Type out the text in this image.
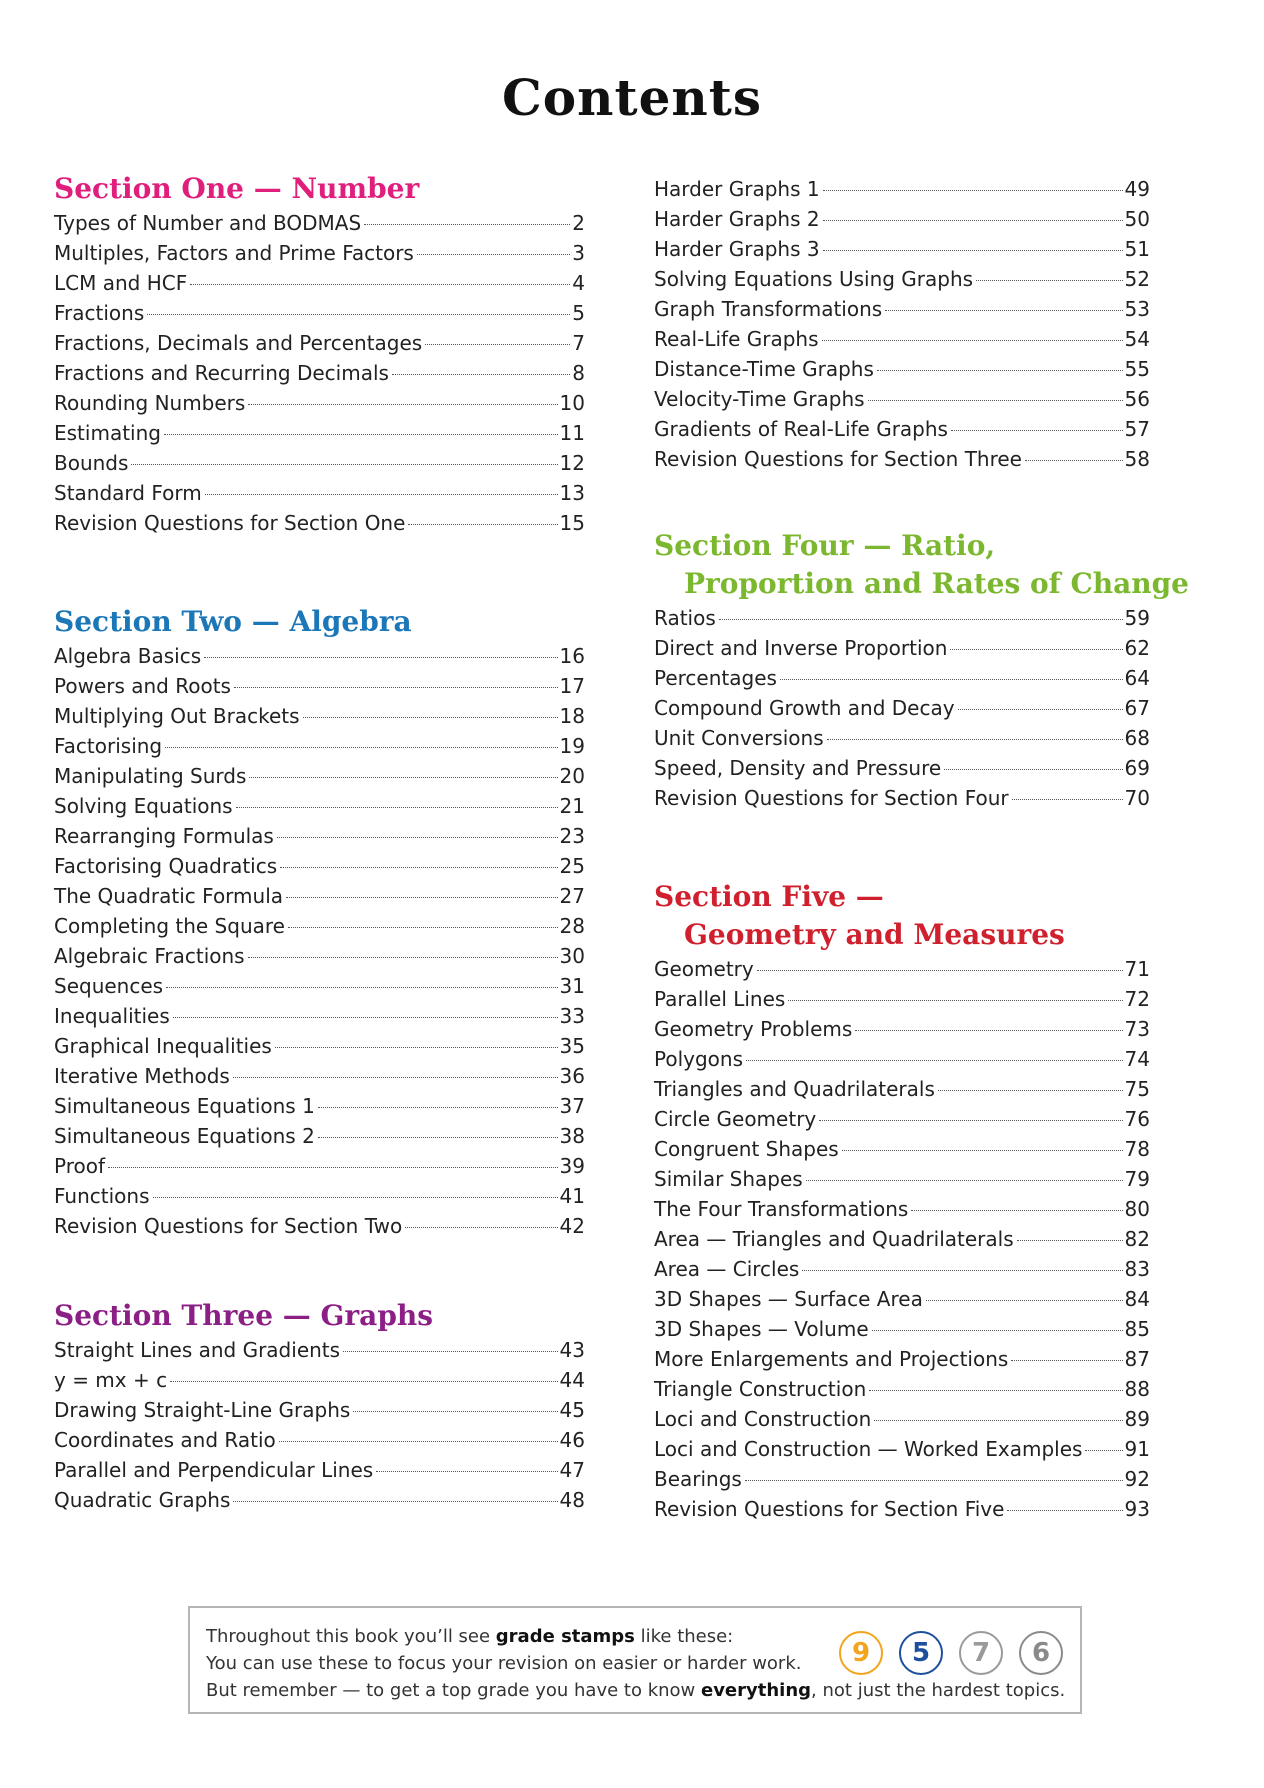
Contents
Section One — Number
Types of Number and BODMAS	2
Multiples, Factors and Prime Factors	3
LCM and HCF	4
Fractions	5
Fractions, Decimals and Percentages	7
Fractions and Recurring Decimals	8
Rounding Numbers	10
Estimating	11
Bounds	12
Standard Form	13
Revision Questions for Section One	15
Section Two — Algebra
Algebra Basics	16
Powers and Roots	17
Multiplying Out Brackets	18
Factorising	19
Manipulating Surds	20
Solving Equations	21
Rearranging Formulas	23
Factorising Quadratics	25
The Quadratic Formula	27
Completing the Square	28
Algebraic Fractions	30
Sequences	31
Inequalities	33
Graphical Inequalities	35
Iterative Methods	36
Simultaneous Equations 1	37
Simultaneous Equations 2	38
Proof	39
Functions	41
Revision Questions for Section Two	42
Section Three — Graphs
Straight Lines and Gradients	43
y = mx + c	44
Drawing Straight-Line Graphs	45
Coordinates and Ratio	46
Parallel and Perpendicular Lines	47
Quadratic Graphs	48
Harder Graphs 1	49
Harder Graphs 2	50
Harder Graphs 3	51
Solving Equations Using Graphs	52
Graph Transformations	53
Real-Life Graphs	54
Distance-Time Graphs	55
Velocity-Time Graphs	56
Gradients of Real-Life Graphs	57
Revision Questions for Section Three	58
Section Four — Ratio,
Proportion and Rates of Change
Ratios	59
Direct and Inverse Proportion	62
Percentages	64
Compound Growth and Decay	67
Unit Conversions	68
Speed, Density and Pressure	69
Revision Questions for Section Four	70
Section Five —
Geometry and Measures
Geometry	71
Parallel Lines	72
Geometry Problems	73
Polygons	74
Triangles and Quadrilaterals	75
Circle Geometry	76
Congruent Shapes	78
Similar Shapes	79
The Four Transformations	80
Area — Triangles and Quadrilaterals	82
Area — Circles	83
3D Shapes — Surface Area	84
3D Shapes — Volume	85
More Enlargements and Projections	87
Triangle Construction	88
Loci and Construction	89
Loci and Construction — Worked Examples 91
Bearings	92
Revision Questions for Section Five	93
Throughout this book you’ll see grade stamps like these:
You can use these to focus your revision on easier or harder work.
But remember — to get a top grade you have to know everything, not just the hardest topics.
9 5 7 6
